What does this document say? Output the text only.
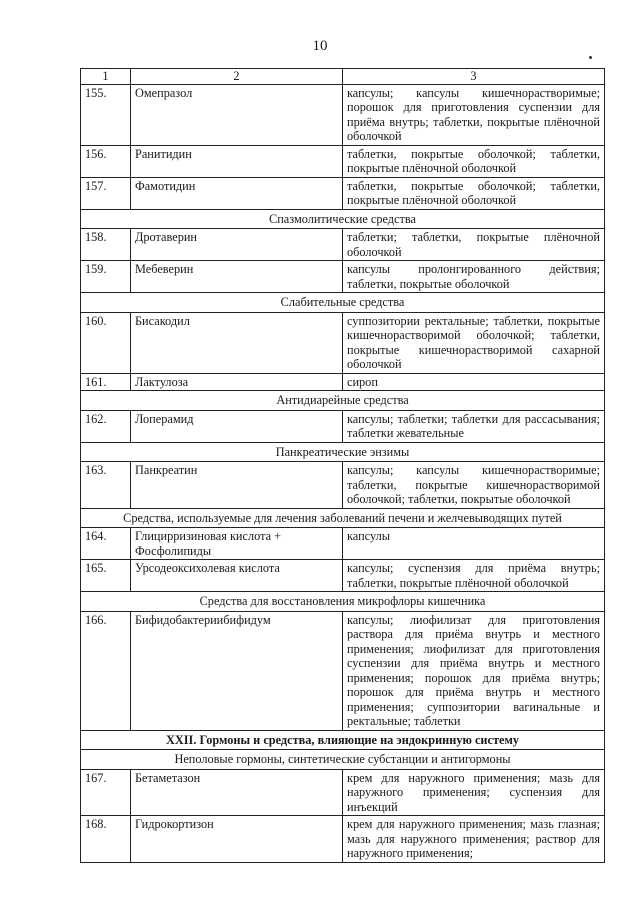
10
1	2	3
155.	Омепразол	капсулы; капсулы кишечнорастворимые; порошок для приготовления суспензии для приёма внутрь; таблетки, покрытые плёночной оболочкой
156.	Ранитидин	таблетки, покрытые оболочкой; таблетки, покрытые плёночной оболочкой
157.	Фамотидин	таблетки, покрытые оболочкой; таблетки, покрытые плёночной оболочкой
Спазмолитические средства		
158.	Дротаверин	таблетки; таблетки, покрытые плёночной оболочкой
159.	Мебеверин	капсулы пролонгированного действия; таблетки, покрытые оболочкой
Слабительные средства		
160.	Бисакодил	суппозитории ректальные; таблетки, покрытые кишечнорастворимой оболочкой; таблетки, покрытые кишечнорастворимой сахарной оболочкой
161.	Лактулоза	сироп
Антидиарейные средства		
162.	Лоперамид	капсулы; таблетки; таблетки для рассасывания; таблетки жевательные
Панкреатические энзимы		
163.	Панкреатин	капсулы; капсулы кишечнорастворимые; таблетки, покрытые кишечнорастворимой оболочкой; таблетки, покрытые оболочкой
Средства, используемые для лечения заболеваний печени и желчевыводящих путей		
164.	Глицирризиновая кислота + Фосфолипиды	капсулы
165.	Урсодеоксихолевая кислота	капсулы; суспензия для приёма внутрь; таблетки, покрытые плёночной оболочкой
Средства для восстановления микрофлоры кишечника		
166.	Бифидобактериибифидум	капсулы; лиофилизат для приготовления раствора для приёма внутрь и местного применения; лиофилизат для приготовления суспензии для приёма внутрь и местного применения; порошок для приёма внутрь; порошок для приёма внутрь и местного применения; суппозитории вагинальные и ректальные; таблетки
XXII. Гормоны и средства, влияющие на эндокринную систему		
Неполовые гормоны, синтетические субстанции и антигормоны		
167.	Бетаметазон	крем для наружного применения; мазь для наружного применения; суспензия для инъекций
168.	Гидрокортизон	крем для наружного применения; мазь глазная; мазь для наружного применения; раствор для наружного применения;
